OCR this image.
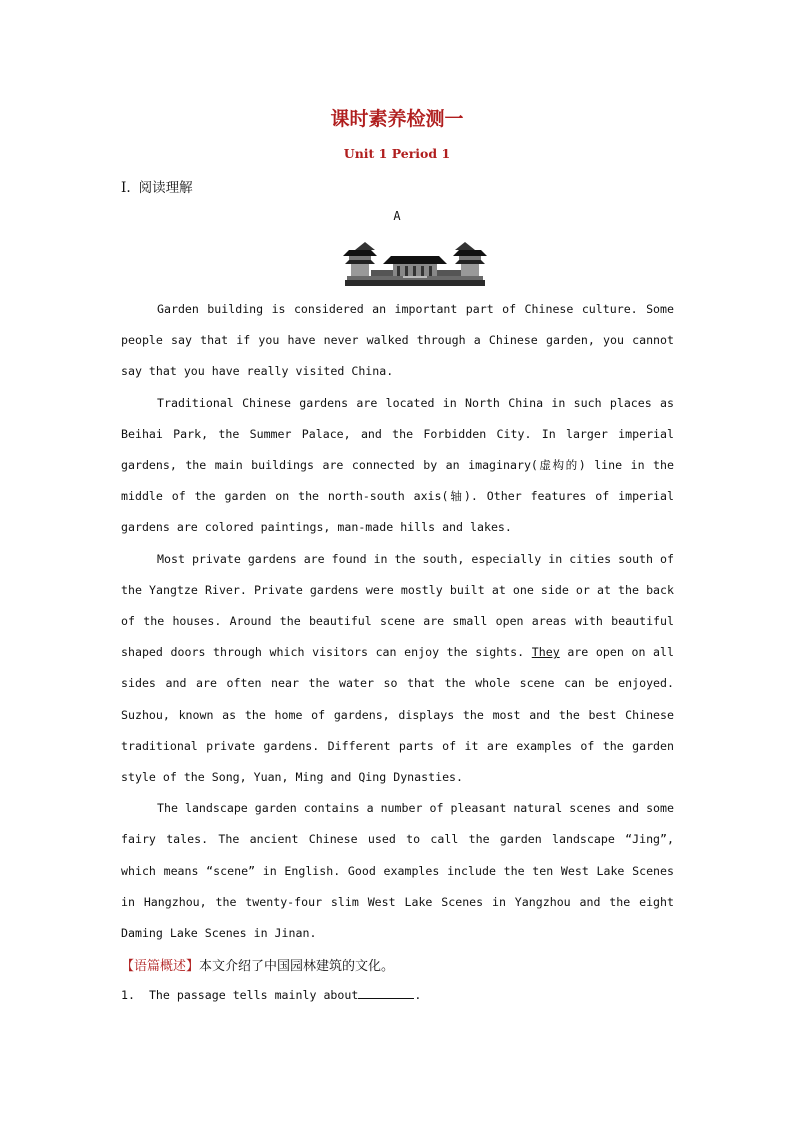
课时素养检测一
Unit 1 Period 1
Ⅰ. 阅读理解
A

Garden building is considered an important part of Chinese culture. Some people say that if you have never walked through a Chinese garden, you cannot say that you have really visited China.

Traditional Chinese gardens are located in North China in such places as Beihai Park, the Summer Palace, and the Forbidden City. In larger imperial gardens, the main buildings are connected by an imaginary(虚构的) line in the middle of the garden on the north-south axis(轴). Other features of imperial gardens are colored paintings, man-made hills and lakes.

Most private gardens are found in the south, especially in cities south of the Yangtze River. Private gardens were mostly built at one side or at the back of the houses. Around the beautiful scene are small open areas with beautiful shaped doors through which visitors can enjoy the sights. They are open on all sides and are often near the water so that the whole scene can be enjoyed. Suzhou, known as the home of gardens, displays the most and the best Chinese traditional private gardens. Different parts of it are examples of the garden style of the Song, Yuan, Ming and Qing Dynasties.

The landscape garden contains a number of pleasant natural scenes and some fairy tales. The ancient Chinese used to call the garden landscape “Jing”, which means “scene” in English. Good examples include the ten West Lake Scenes in Hangzhou, the twenty-four slim West Lake Scenes in Yangzhou and the eight Daming Lake Scenes in Jinan.

【语篇概述】本文介绍了中国园林建筑的文化。
1. The passage tells mainly about	.
